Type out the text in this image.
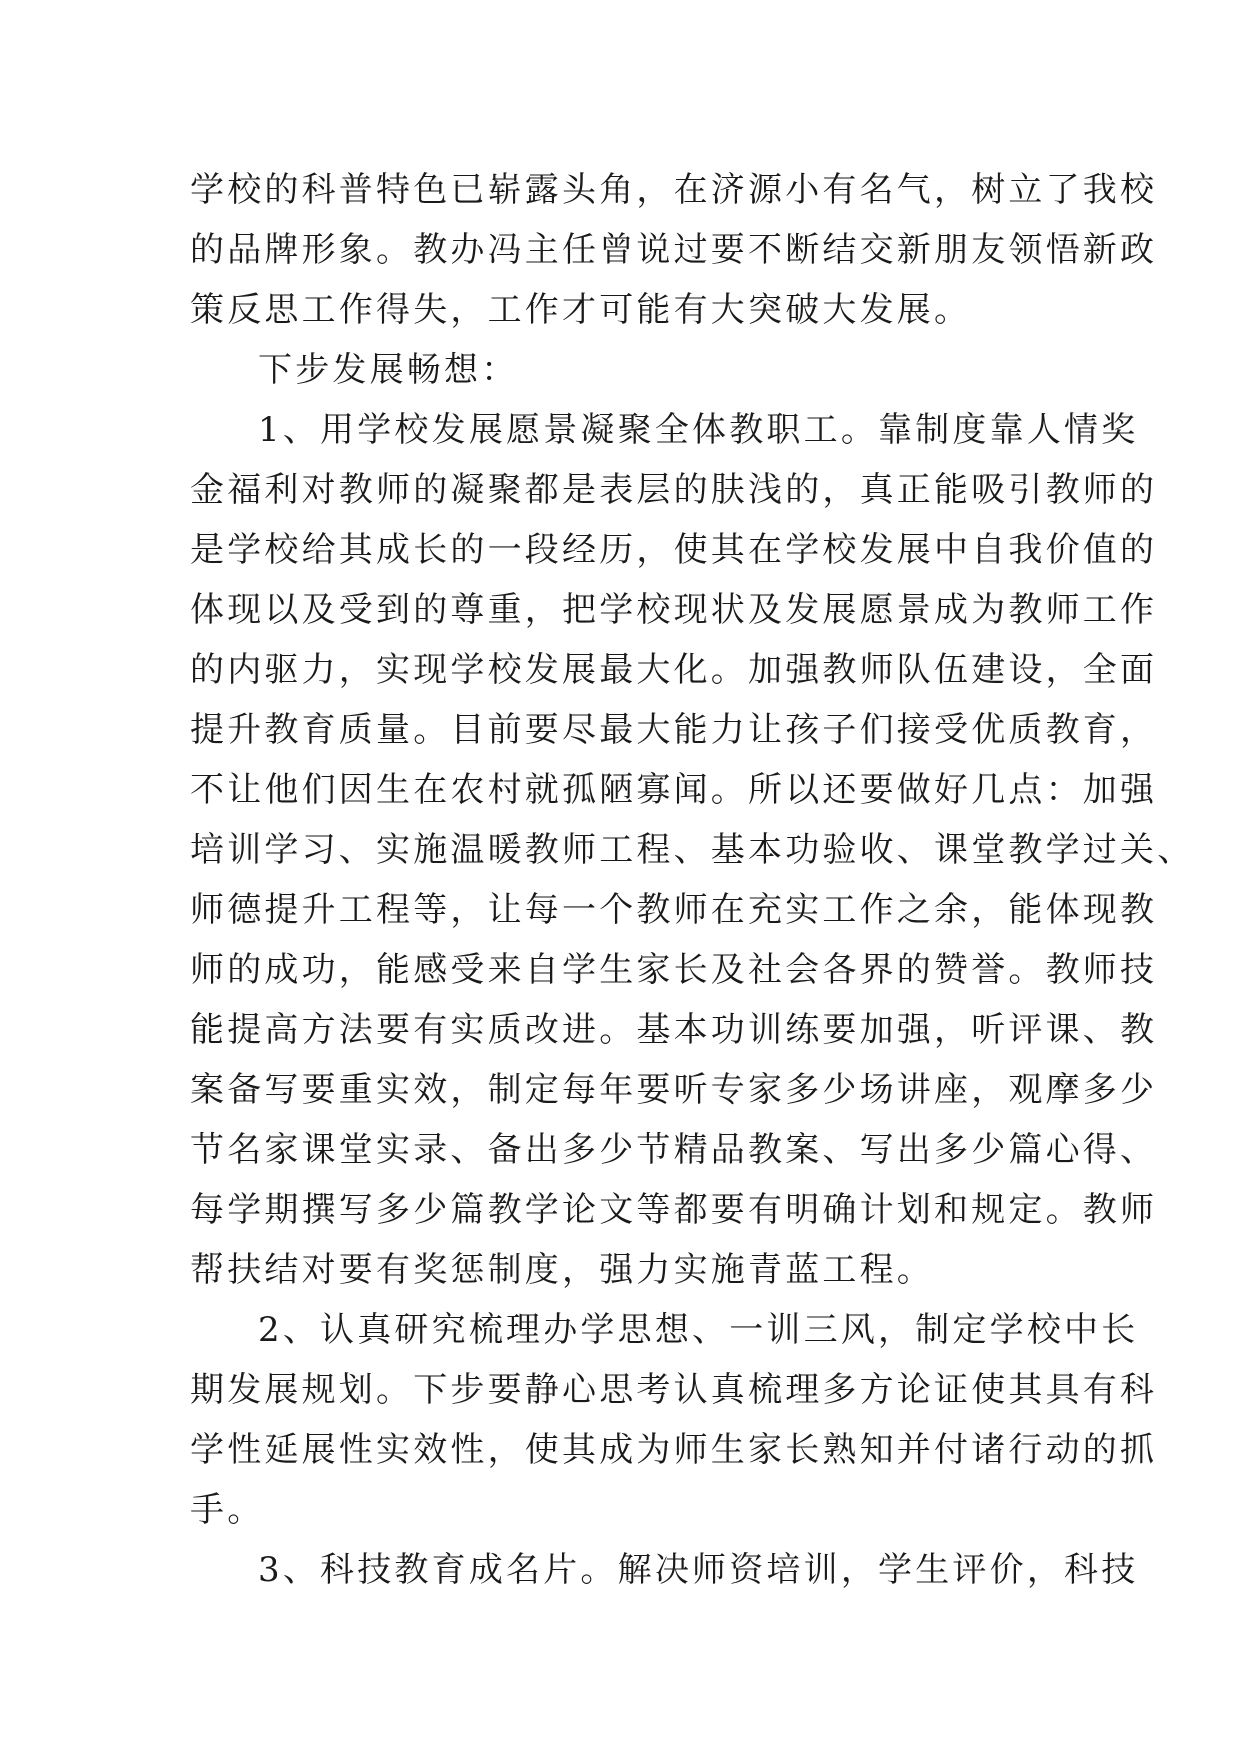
学校的科普特色已崭露头角，在济源小有名气，树立了我校
的品牌形象。教办冯主任曾说过要不断结交新朋友领悟新政
策反思工作得失，工作才可能有大突破大发展。
下步发展畅想：
1、用学校发展愿景凝聚全体教职工。靠制度靠人情奖
金福利对教师的凝聚都是表层的肤浅的，真正能吸引教师的
是学校给其成长的一段经历，使其在学校发展中自我价值的
体现以及受到的尊重，把学校现状及发展愿景成为教师工作
的内驱力，实现学校发展最大化。加强教师队伍建设，全面
提升教育质量。目前要尽最大能力让孩子们接受优质教育，
不让他们因生在农村就孤陋寡闻。所以还要做好几点：加强
培训学习、实施温暖教师工程、基本功验收、课堂教学过关、
师德提升工程等，让每一个教师在充实工作之余，能体现教
师的成功，能感受来自学生家长及社会各界的赞誉。教师技
能提高方法要有实质改进。基本功训练要加强，听评课、教
案备写要重实效，制定每年要听专家多少场讲座，观摩多少
节名家课堂实录、备出多少节精品教案、写出多少篇心得、
每学期撰写多少篇教学论文等都要有明确计划和规定。教师
帮扶结对要有奖惩制度，强力实施青蓝工程。
2、认真研究梳理办学思想、一训三风，制定学校中长
期发展规划。下步要静心思考认真梳理多方论证使其具有科
学性延展性实效性，使其成为师生家长熟知并付诸行动的抓
手。
3、科技教育成名片。解决师资培训，学生评价，科技
